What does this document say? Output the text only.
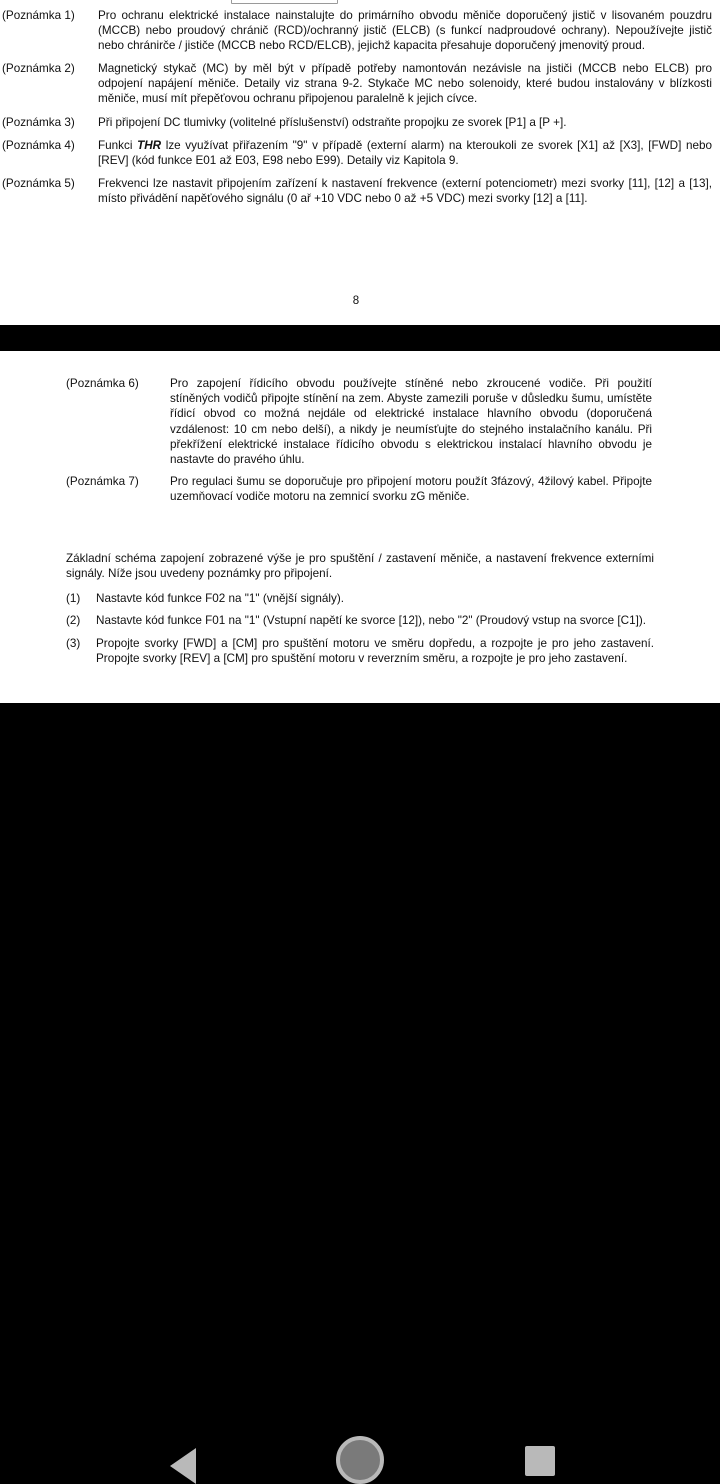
(Poznámka 1)	Pro ochranu elektrické instalace nainstalujte do primárního obvodu měniče doporučený jistič v lisovaném pouzdru (MCCB) nebo proudový chránič (RCD)/ochranný jistič (ELCB) (s funkcí nadproudové ochrany). Nepoužívejte jistič nebo chránirče / jističe (MCCB nebo RCD/ELCB), jejichž kapacita přesahuje doporučený jmenovitý proud.
(Poznámka 2)	Magnetický stykač (MC) by měl být v případě potřeby namontován nezávisle na jističi (MCCB nebo ELCB) pro odpojení napájení měniče. Detaily viz strana 9-2. Stykače MC nebo solenoidy, které budou instalovány v blízkosti měniče, musí mít přepěťovou ochranu připojenou paralelně k jejich cívce.
(Poznámka 3)	Při připojení DC tlumivky (volitelné příslušenství) odstraňte propojku ze svorek [P1] a [P +].
(Poznámka 4)	Funkci THR lze využívat přiřazením "9" v případě (externí alarm) na kteroukoli ze svorek [X1] až [X3], [FWD] nebo [REV] (kód funkce E01 až E03, E98 nebo E99). Detaily viz Kapitola 9.
(Poznámka 5)	Frekvenci lze nastavit připojením zařízení k nastavení frekvence (externí potenciometr) mezi svorky [11], [12] a [13], místo přivádění napěťového signálu (0 ař +10 VDC nebo 0 až +5 VDC) mezi svorky [12] a [11].
8
(Poznámka 6)	Pro zapojení řídicího obvodu používejte stíněné nebo zkroucené vodiče. Při použití stíněných vodičů připojte stínění na zem. Abyste zamezili poruše v důsledku šumu, umístěte řídicí obvod co možná nejdále od elektrické instalace hlavního obvodu (doporučená vzdálenost: 10 cm nebo delší), a nikdy je neumísťujte do stejného instalačního kanálu. Při překřížení elektrické instalace řídicího obvodu s elektrickou instalací hlavního obvodu je nastavte do pravého úhlu.
(Poznámka 7)	Pro regulaci šumu se doporučuje pro připojení motoru použít 3fázový, 4žilový kabel. Připojte uzemňovací vodiče motoru na zemnicí svorku zG měniče.
Základní schéma zapojení zobrazené výše je pro spuštění / zastavení měniče, a nastavení frekvence externími signály. Níže jsou uvedeny poznámky pro připojení.
(1)	Nastavte kód funkce F02 na "1" (vnější signály).
(2)	Nastavte kód funkce F01 na "1" (Vstupní napětí ke svorce [12]), nebo "2" (Proudový vstup na svorce [C1]).
(3)	Propojte svorky [FWD] a [CM] pro spuštění motoru ve směru dopředu, a rozpojte je pro jeho zastavení. Propojte svorky [REV] a [CM] pro spuštění motoru v reverzním směru, a rozpojte je pro jeho zastavení.
